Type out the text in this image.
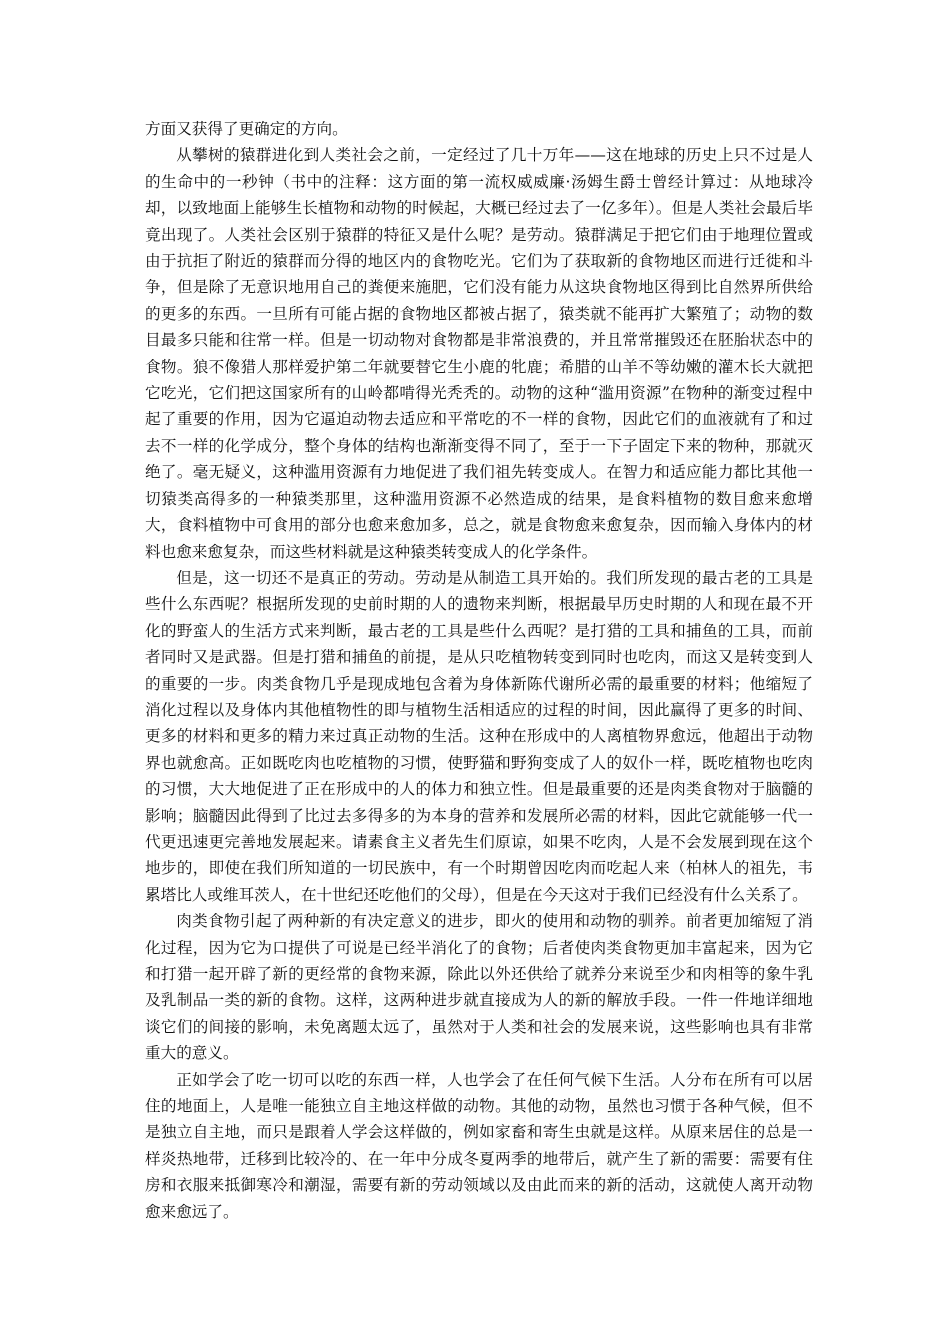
方面又获得了更确定的方向。

从攀树的猿群进化到人类社会之前，一定经过了几十万年——这在地球的历史上只不过是人的生命中的一秒钟（书中的注释：这方面的第一流权威威廉·汤姆生爵士曾经计算过：从地球冷却，以致地面上能够生长植物和动物的时候起，大概已经过去了一亿多年）。但是人类社会最后毕竟出现了。人类社会区别于猿群的特征又是什么呢？是劳动。猿群满足于把它们由于地理位置或由于抗拒了附近的猿群而分得的地区内的食物吃光。它们为了获取新的食物地区而进行迁徙和斗争，但是除了无意识地用自己的粪便来施肥，它们没有能力从这块食物地区得到比自然界所供给的更多的东西。一旦所有可能占据的食物地区都被占据了，猿类就不能再扩大繁殖了；动物的数目最多只能和往常一样。但是一切动物对食物都是非常浪费的，并且常常摧毁还在胚胎状态中的食物。狼不像猎人那样爱护第二年就要替它生小鹿的牝鹿；希腊的山羊不等幼嫩的灌木长大就把它吃光，它们把这国家所有的山岭都啃得光秃秃的。动物的这种“滥用资源”在物种的渐变过程中起了重要的作用，因为它逼迫动物去适应和平常吃的不一样的食物，因此它们的血液就有了和过去不一样的化学成分，整个身体的结构也渐渐变得不同了，至于一下子固定下来的物种，那就灭绝了。毫无疑义，这种滥用资源有力地促进了我们祖先转变成人。在智力和适应能力都比其他一切猿类高得多的一种猿类那里，这种滥用资源不必然造成的结果，是食料植物的数目愈来愈增大，食料植物中可食用的部分也愈来愈加多，总之，就是食物愈来愈复杂，因而输入身体内的材料也愈来愈复杂，而这些材料就是这种猿类转变成人的化学条件。

但是，这一切还不是真正的劳动。劳动是从制造工具开始的。我们所发现的最古老的工具是些什么东西呢？根据所发现的史前时期的人的遗物来判断，根据最早历史时期的人和现在最不开化的野蛮人的生活方式来判断，最古老的工具是些什么西呢？是打猎的工具和捕鱼的工具，而前者同时又是武器。但是打猎和捕鱼的前提，是从只吃植物转变到同时也吃肉，而这又是转变到人的重要的一步。肉类食物几乎是现成地包含着为身体新陈代谢所必需的最重要的材料；他缩短了消化过程以及身体内其他植物性的即与植物生活相适应的过程的时间，因此赢得了更多的时间、更多的材料和更多的精力来过真正动物的生活。这种在形成中的人离植物界愈远，他超出于动物界也就愈高。正如既吃肉也吃植物的习惯，使野猫和野狗变成了人的奴仆一样，既吃植物也吃肉的习惯，大大地促进了正在形成中的人的体力和独立性。但是最重要的还是肉类食物对于脑髓的影响；脑髓因此得到了比过去多得多的为本身的营养和发展所必需的材料，因此它就能够一代一代更迅速更完善地发展起来。请素食主义者先生们原谅，如果不吃肉，人是不会发展到现在这个地步的，即使在我们所知道的一切民族中，有一个时期曾因吃肉而吃起人来（柏林人的祖先，韦累塔比人或维耳茨人，在十世纪还吃他们的父母），但是在今天这对于我们已经没有什么关系了。

肉类食物引起了两种新的有决定意义的进步，即火的使用和动物的驯养。前者更加缩短了消化过程，因为它为口提供了可说是已经半消化了的食物；后者使肉类食物更加丰富起来，因为它和打猎一起开辟了新的更经常的食物来源，除此以外还供给了就养分来说至少和肉相等的象牛乳及乳制品一类的新的食物。这样，这两种进步就直接成为人的新的解放手段。一件一件地详细地谈它们的间接的影响，未免离题太远了，虽然对于人类和社会的发展来说，这些影响也具有非常重大的意义。

正如学会了吃一切可以吃的东西一样，人也学会了在任何气候下生活。人分布在所有可以居住的地面上，人是唯一能独立自主地这样做的动物。其他的动物，虽然也习惯于各种气候，但不是独立自主地，而只是跟着人学会这样做的，例如家畜和寄生虫就是这样。从原来居住的总是一样炎热地带，迁移到比较冷的、在一年中分成冬夏两季的地带后，就产生了新的需要：需要有住房和衣服来抵御寒冷和潮湿，需要有新的劳动领域以及由此而来的新的活动，这就使人离开动物愈来愈远了。
